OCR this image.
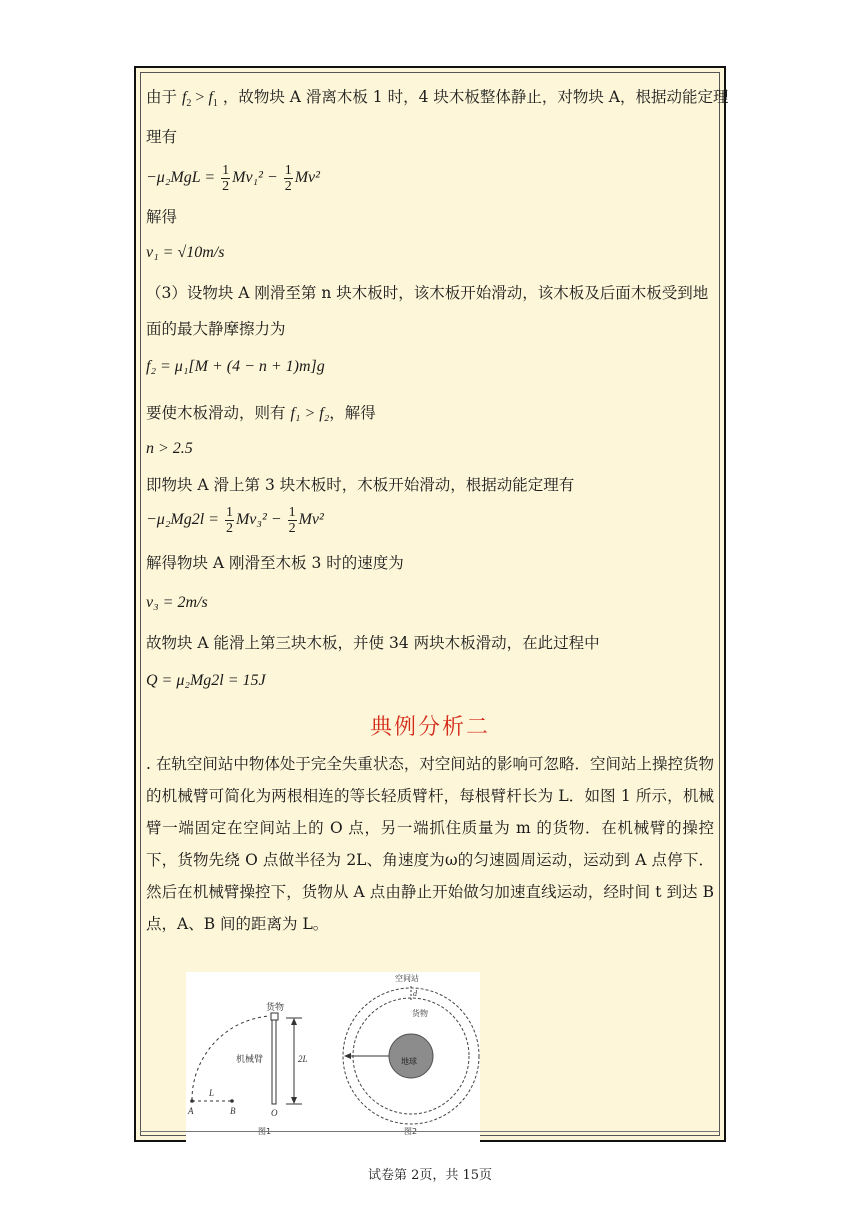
由于 $f_2 > f_1$ ，故物块 A 滑离木板 1 时，4 块木板整体静止，对物块 A，根据动能定理
理有
$-\mu_2MgL = \frac{1}{2} Mv_1^2 - \frac{1}{2} Mv^2$
解得
v₁ = √10m/s
（3）设物块 A 刚滑至第 n 块木板时，该木板开始滑动，该木板及后面木板受到地
面的最大静摩擦力为
f₂ = μ₁[M + (4 − n + 1)m]g
要使木板滑动，则有 f₁ > f₂，解得
n > 2.5
即物块 A 滑上第 3 块木板时，木板开始滑动，根据动能定理有
$-\mu_2Mg2l = \frac{1}{2} Mv_3^2 - \frac{1}{2} Mv^2$
解得物块 A 刚滑至木板 3 时的速度为
v₃ = 2m/s
故物块 A 能滑上第三块木板，并使 34 两块木板滑动，在此过程中
Q = μ₂Mg2l = 15J
典例分析二
. 在轨空间站中物体处于完全失重状态，对空间站的影响可忽略．空间站上操控货物的机械臂可简化为两根相连的等长轻质臂杆，每根臂杆长为 L．如图 1 所示，机械臂一端固定在空间站上的 O 点，另一端抓住质量为 m 的货物．在机械臂的操控下，货物先绕 O 点做半径为 2L、角速度为ω的匀速圆周运动，运动到 A 点停下．然后在机械臂操控下，货物从 A 点由静止开始做匀加速直线运动，经时间 t 到达 B 点，A、B 间的距离为 L。
货物
机械臂	2L
L
A	B	O
图1
空间站
d
货物
地球
图2
试卷第 2页，共 15页
